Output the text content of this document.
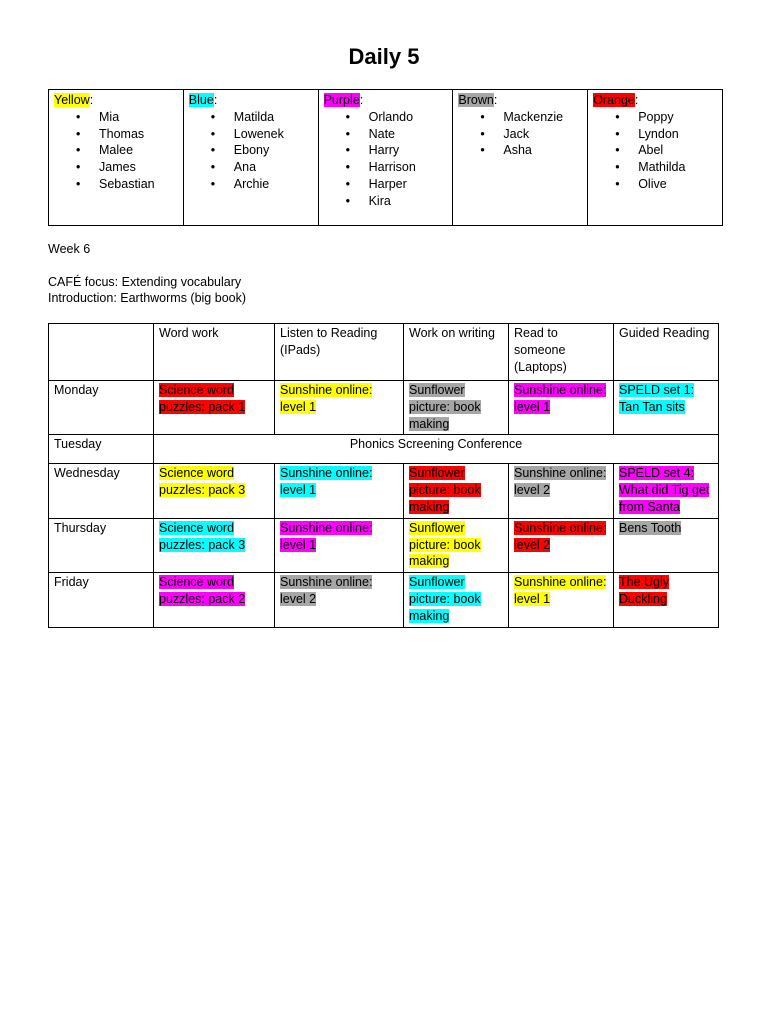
Daily 5
Yellow:
• Mia
• Thomas
• Malee
• James
• Sebastian

Blue:
• Matilda
• Lowenek
• Ebony
• Ana
• Archie

Purple:
• Orlando
• Nate
• Harry
• Harrison
• Harper
• Kira

Brown:
• Mackenzie
• Jack
• Asha

Orange:
• Poppy
• Lyndon
• Abel
• Mathilda
• Olive
Week 6
CAFÉ focus: Extending vocabulary
Introduction: Earthworms (big book)
	Word work	Listen to Reading (IPads)	Work on writing	Read to someone (Laptops)	Guided Reading
Monday	Science word puzzles: pack 1	Sunshine online: level 1	Sunflower picture: book making	Sunshine online: level 1	SPELD set 1: Tan Tan sits
Tuesday	Phonics Screening Conference				
Wednesday	Science word puzzles: pack 3	Sunshine online: level 1	Sunflower picture: book making	Sunshine online: level 2	SPELD set 4: What did Tig get from Santa
Thursday	Science word puzzles: pack 3	Sunshine online: level 1	Sunflower picture: book making	Sunshine online: level 2	Bens Tooth
Friday	Science word puzzles: pack 2	Sunshine online: level 2	Sunflower picture: book making	Sunshine online: level 1	The Ugly Duckling
